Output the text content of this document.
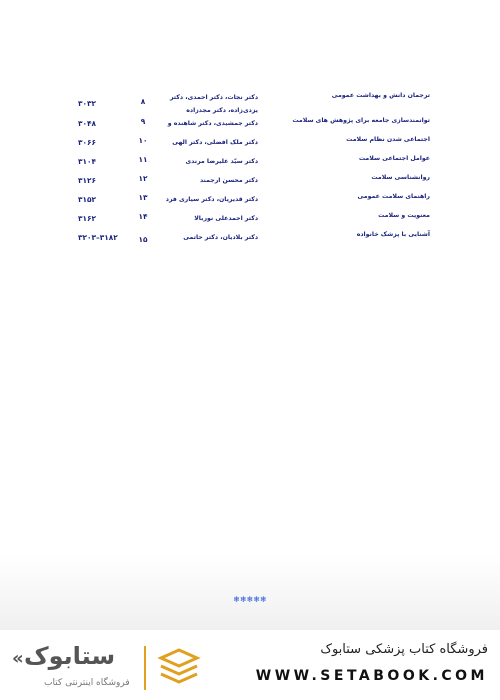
ترجمان دانش و بهداشت عمومی	دکتر نجات، دکتر احمدی، دکتر یزدی‌زاده، دکتر مجدزاده	۸	۳۰۳۲
توانمندسازی جامعه برای پژوهش های سلامت	دکتر جمشیدی، دکتر شاهنده و	۹	۳۰۴۸
اجتماعی شدن نظام سلامت	دکتر ملک افضلی، دکتر الهی	۱۰	۳۰۶۶
عوامل اجتماعی سلامت	دکتر سیّد علیرضا مرندی	۱۱	۳۱۰۴
روانشناسی سلامت	دکتر محسن ارجمند	۱۲	۳۱۲۶
راهنمای سلامت عمومی	دکتر قدیریان، دکتر سیاری فرد	۱۳	۳۱۵۲
معنویت و سلامت	دکتر احمدعلی نوربالا	۱۴	۳۱۶۲
آشنایی با پزشک خانواده	دکتر بلادیان، دکتر حاتمی	۱۵	۳۱۸۲–۳۲۰۳
❄❄❄❄❄
« ستابوک
فروشگاه اینترنتی کتاب
فروشگاه کتاب پزشکی ستابوک
WWW.SETABOOK.COM
